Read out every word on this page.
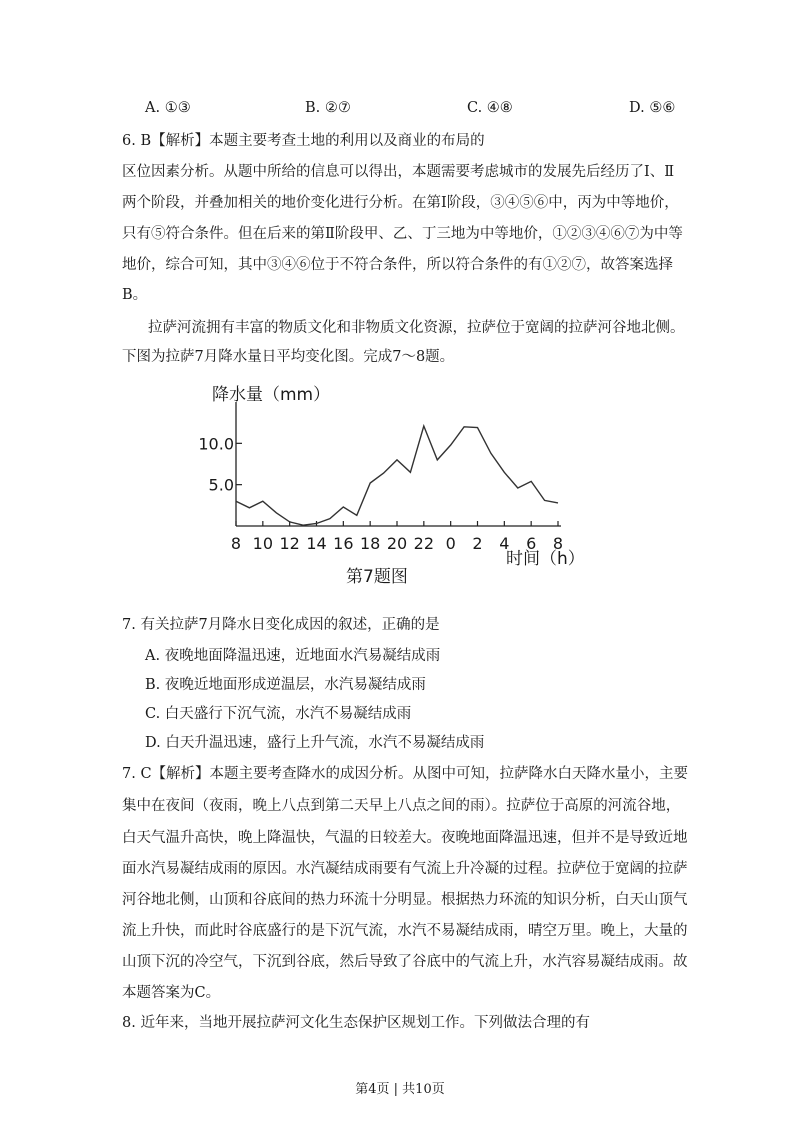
A. ①③	B. ②⑦	C. ④⑧	D. ⑤⑥
6. B【解析】本题主要考查土地的利用以及商业的布局的
区位因素分析。从题中所给的信息可以得出，本题需要考虑城市的发展先后经历了Ⅰ、Ⅱ
两个阶段，并叠加相关的地价变化进行分析。在第Ⅰ阶段，③④⑤⑥中，丙为中等地价，
只有⑤符合条件。但在后来的第Ⅱ阶段甲、乙、丁三地为中等地价，①②③④⑥⑦为中等
地价，综合可知，其中③④⑥位于不符合条件，所以符合条件的有①②⑦，故答案选择
B。
拉萨河流拥有丰富的物质文化和非物质文化资源，拉萨位于宽阔的拉萨河谷地北侧。
下图为拉萨7月降水量日平均变化图。完成7～8题。
降水量（mm）
5.0
10.0
8 10 12 14 16 18 20 22 0 2 4 6 8
时间（h）
第7题图
7. 有关拉萨7月降水日变化成因的叙述，正确的是
A. 夜晚地面降温迅速，近地面水汽易凝结成雨
B. 夜晚近地面形成逆温层，水汽易凝结成雨
C. 白天盛行下沉气流，水汽不易凝结成雨
D. 白天升温迅速，盛行上升气流，水汽不易凝结成雨
7. C【解析】本题主要考查降水的成因分析。从图中可知，拉萨降水白天降水量小，主要
集中在夜间（夜雨，晚上八点到第二天早上八点之间的雨）。拉萨位于高原的河流谷地，
白天气温升高快，晚上降温快，气温的日较差大。夜晚地面降温迅速，但并不是导致近地
面水汽易凝结成雨的原因。水汽凝结成雨要有气流上升冷凝的过程。拉萨位于宽阔的拉萨
河谷地北侧，山顶和谷底间的热力环流十分明显。根据热力环流的知识分析，白天山顶气
流上升快，而此时谷底盛行的是下沉气流，水汽不易凝结成雨，晴空万里。晚上，大量的
山顶下沉的冷空气，下沉到谷底，然后导致了谷底中的气流上升，水汽容易凝结成雨。故
本题答案为C。
8. 近年来，当地开展拉萨河文化生态保护区规划工作。下列做法合理的有
第4页 | 共10页
